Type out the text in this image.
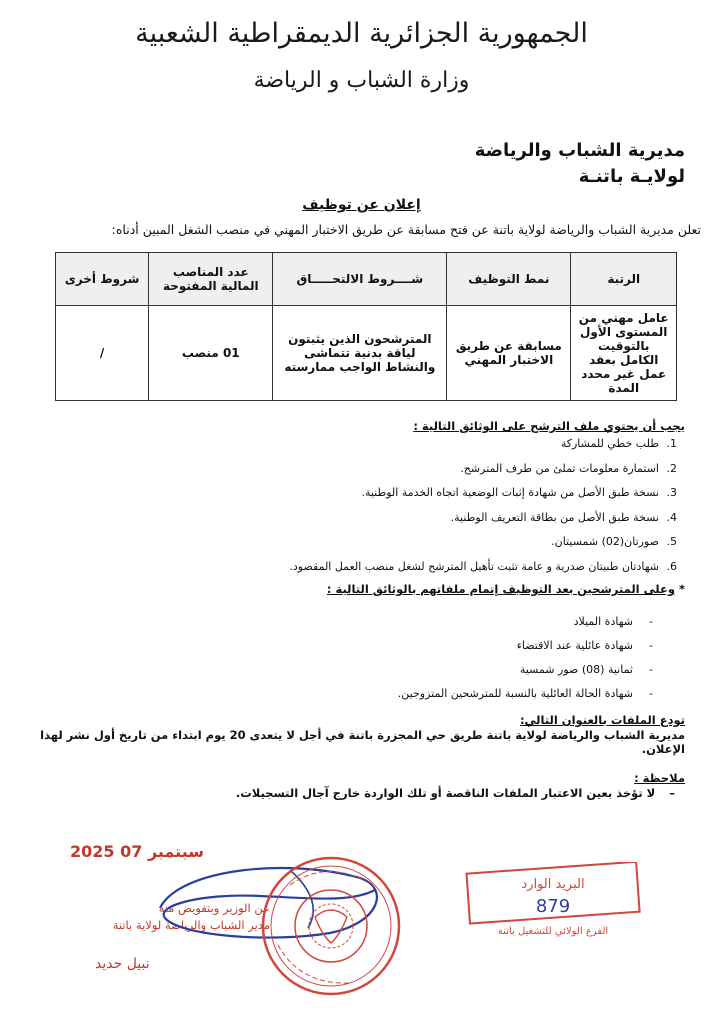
الجمهورية الجزائرية الديمقراطية الشعبية
وزارة الشباب و الرياضة
مديرية الشباب والرياضة
لولايـة باتنـة
إعلان عن توظيف
تعلن مديرية الشباب والرياضة لولاية باتنة عن فتح مسابقة عن طريق الاختبار المهني في منصب الشغل المبين أدناه:
الرتبة	نمط التوظيف	شــــروط الالتحـــــاق	عدد المناصب المالية المفتوحة	شروط أخرى
عامل مهني من المستوى الأول بالتوقيت الكامل بعقد عمل غير محدد المدة	مسابقة عن طريق الاختبار المهني	المترشحون الذين يثبتون لياقة بدنية تتماشى والنشاط الواجب ممارسته	01 منصب	/
يجب أن يحتوي ملف الترشح على الوثائق التالية :
1. طلب خطي للمشاركة
2. استمارة معلومات تملئ من طرف المترشح.
3. نسخة طبق الأصل من شهادة إثبات الوضعية اتجاه الخدمة الوطنية.
4. نسخة طبق الأصل من بطاقة التعريف الوطنية.
5. صورتان(02) شمسيتان.
6. شهادتان طبيتان صدرية و عامة تثبت تأهيل المترشح لشغل منصب العمل المقصود.
* وعلى المترشحين بعد التوظيف إتمام ملفاتهم بالوثائق التالية :
- شهادة الميلاد
- شهادة عائلية عند الاقتضاء
- ثمانية (08) صور شمسية
- شهادة الحالة العائلية بالنسبة للمترشحين المتزوجين.
تودع الملفات بالعنوان التالي:
مديرية الشباب والرياضة لولاية باتنة طريق حي المجزرة باتنة في أجل لا يتعدى 20 يوم ابتداء من تاريخ أول نشر لهذا الإعلان.
ملاحظة :
– لا تؤخذ بعين الاعتبار الملفات الناقصة أو تلك الواردة خارج آجال التسجيلات.
2025 سبتمبر 07
عن الوزير وبتفويض منه
مدير الشباب والرياضة لولاية باتنة
نبيل حديد
البريد الوارد
879
الفرع الولائي للتشغيل باتنة
